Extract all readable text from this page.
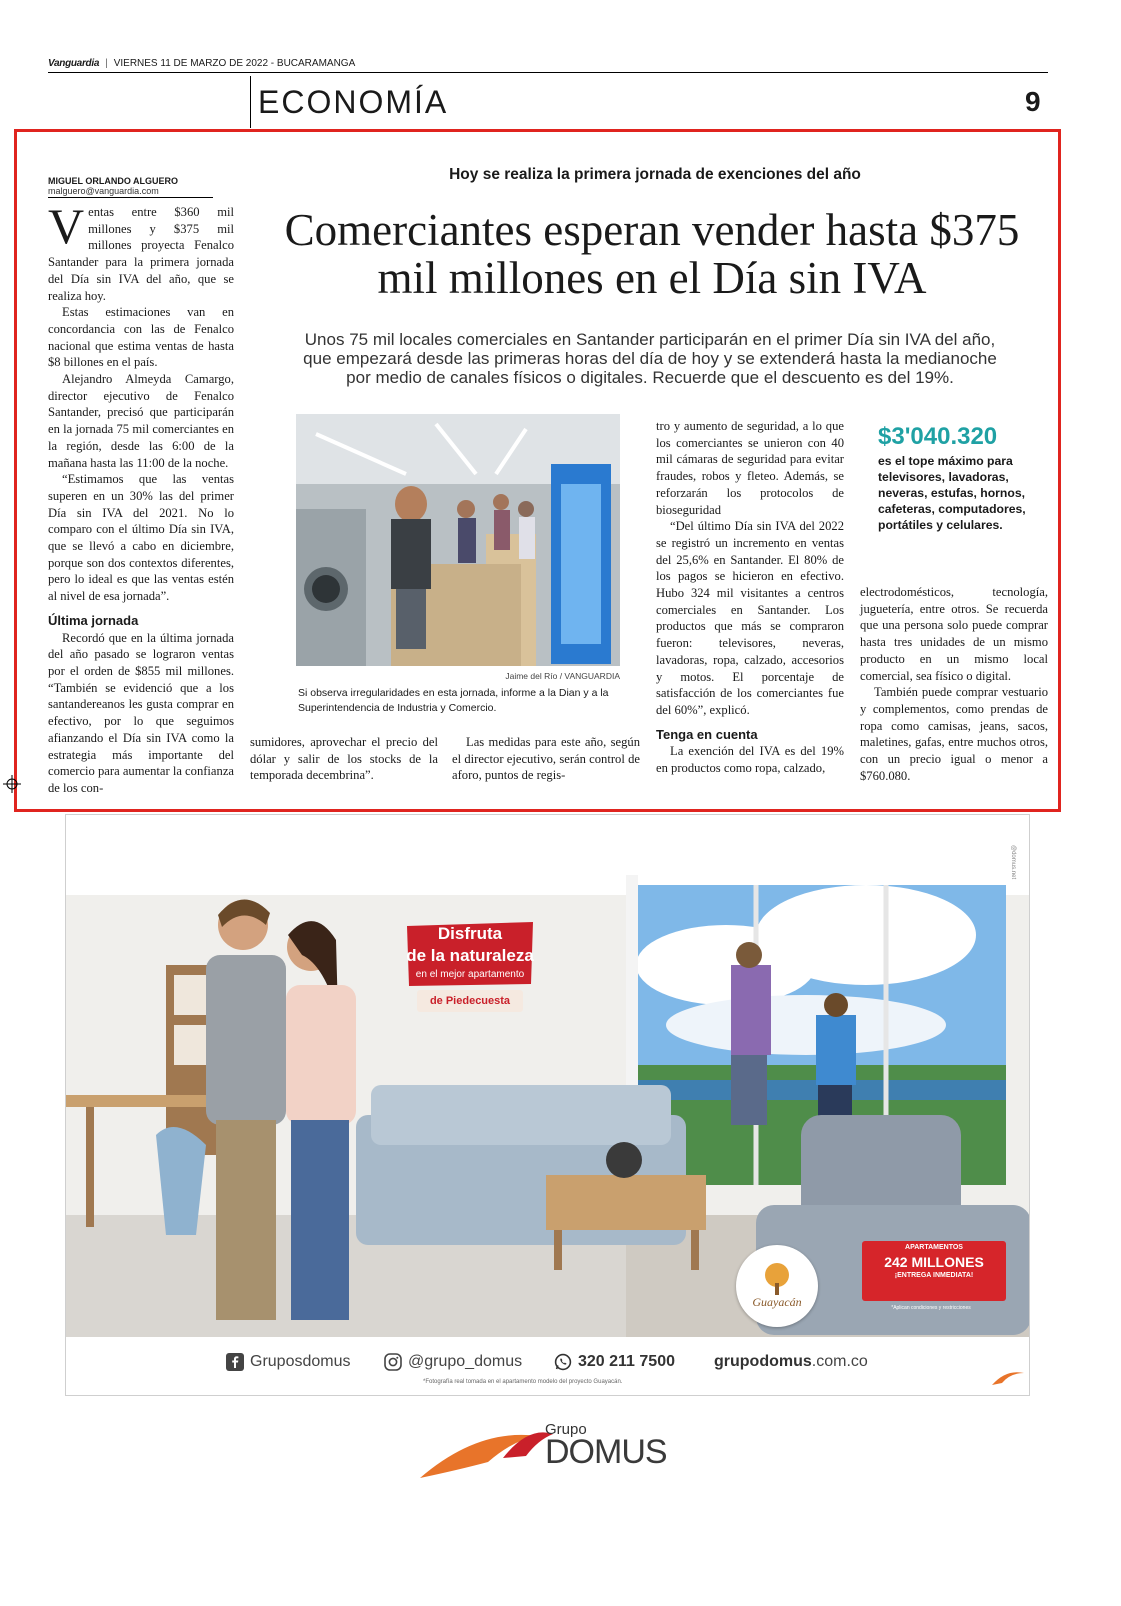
Vanguardia | VIERNES 11 DE MARZO DE 2022 - BUCARAMANGA
ECONOMÍA	9
MIGUEL ORLANDO ALGUERO
malguero@vanguardia.com

Ventas entre $360 mil millones y $375 mil millones proyecta Fenalco Santander para la primera jornada del Día sin IVA del año, que se realiza hoy.

Estas estimaciones van en concordancia con las de Fenalco nacional que estima ventas de hasta $8 billones en el país.

Alejandro Almeyda Camargo, director ejecutivo de Fenalco Santander, precisó que participarán en la jornada 75 mil comerciantes en la región, desde las 6:00 de la mañana hasta las 11:00 de la noche.

“Estimamos que las ventas superen en un 30% las del primer Día sin IVA del 2021. No lo comparo con el último Día sin IVA, que se llevó a cabo en diciembre, porque son dos contextos diferentes, pero lo ideal es que las ventas estén al nivel de esa jornada”.

Última jornada

Recordó que en la última jornada del año pasado se lograron ventas por el orden de $855 mil millones. “También se evidenció que a los santandereanos les gusta comprar en efectivo, por lo que seguimos afianzando el Día sin IVA como la estrategia más importante del comercio para aumentar la confianza de los con-

Hoy se realiza la primera jornada de exenciones del año
Comerciantes esperan vender hasta $375 mil millones en el Día sin IVA

Unos 75 mil locales comerciales en Santander participarán en el primer Día sin IVA del año, que empezará desde las primeras horas del día de hoy y se extenderá hasta la medianoche por medio de canales físicos o digitales. Recuerde que el descuento es del 19%.

Jaime del Río / VANGUARDIA
Si observa irregularidades en esta jornada, informe a la Dian y a la Superintendencia de Industria y Comercio.

sumidores, aprovechar el precio del dólar y salir de los stocks de la temporada decembrina”.

Las medidas para este año, según el director ejecutivo, serán control de aforo, puntos de regis-

tro y aumento de seguridad, a lo que los comerciantes se unieron con 40 mil cámaras de seguridad para evitar fraudes, robos y fleteo. Además, se reforzarán los protocolos de bioseguridad

“Del último Día sin IVA del 2022 se registró un incremento en ventas del 25,6% en Santander. El 80% de los pagos se hicieron en efectivo. Hubo 324 mil visitantes a centros comerciales en Santander. Los productos que más se compraron fueron: televisores, neveras, lavadoras, ropa, calzado, accesorios y motos. El porcentaje de satisfacción de los comerciantes fue del 60%”, explicó.

Tenga en cuenta

La exención del IVA es del 19% en productos como ropa, calzado,

$3'040.320
es el tope máximo para televisores, lavadoras, neveras, estufas, hornos, cafeteras, computadores, portátiles y celulares.

electrodomésticos, tecnología, juguetería, entre otros. Se recuerda que una persona solo puede comprar hasta tres unidades de un mismo producto en un mismo local comercial, sea físico o digital.

También puede comprar vestuario y complementos, como prendas de ropa como camisas, jeans, sacos, maletines, gafas, entre muchos otros, con un precio igual o menor a $760.080.

Disfruta
de la naturaleza
en el mejor apartamento
de Piedecuesta
Guayacán
APARTAMENTOS
242 MILLONES
¡ENTREGA INMEDIATA!
*Aplican condiciones y restricciones
@domus.net
Gruposdomus	@grupo_domus	320 211 7500 grupodomus .com.co
*Fotografía real tomada en el apartamento modelo del proyecto Guayacán.
Grupo
DOMUS
